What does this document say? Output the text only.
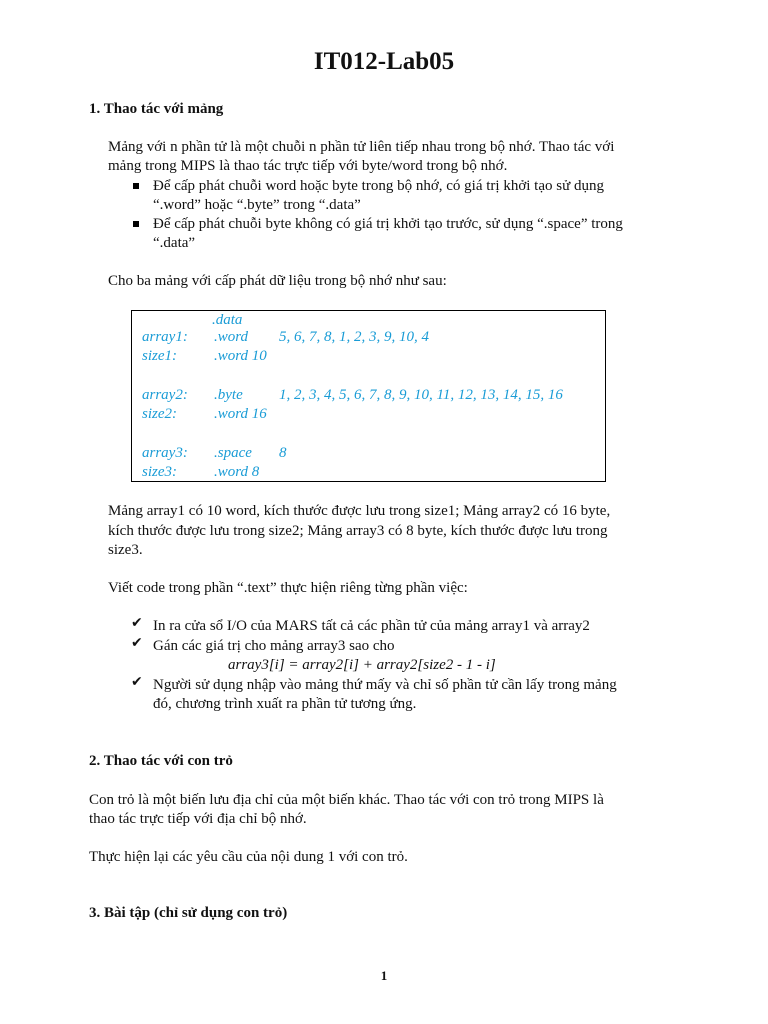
IT012-Lab05
1. Thao tác với mảng
Mảng với n phần tử là một chuỗi n phần tử liên tiếp nhau trong bộ nhớ. Thao tác với
mảng trong MIPS là thao tác trực tiếp với byte/word trong bộ nhớ.
Để cấp phát chuỗi word hoặc byte trong bộ nhớ, có giá trị khởi tạo sử dụng
“.word” hoặc “.byte” trong “.data”
Để cấp phát chuỗi byte không có giá trị khởi tạo trước, sử dụng “.space” trong
“.data”
Cho ba mảng với cấp phát dữ liệu trong bộ nhớ như sau:
.data
array1: .word 5, 6, 7, 8, 1, 2, 3, 9, 10, 4
size1: .word 10
array2: .byte 1, 2, 3, 4, 5, 6, 7, 8, 9, 10, 11, 12, 13, 14, 15, 16
size2: .word 16
array3: .space 8
size3: .word 8
Mảng array1 có 10 word, kích thước được lưu trong size1; Mảng array2 có 16 byte,
kích thước được lưu trong size2; Mảng array3 có 8 byte, kích thước được lưu trong
size3.
Viết code trong phần “.text” thực hiện riêng từng phần việc:
✔ In ra cửa sổ I/O của MARS tất cả các phần tử của mảng array1 và array2
✔ Gán các giá trị cho mảng array3 sao cho
array3[i] = array2[i] + array2[size2 - 1 - i]
✔ Người sử dụng nhập vào mảng thứ mấy và chỉ số phần tử cần lấy trong mảng
đó, chương trình xuất ra phần tử tương ứng.
2. Thao tác với con trỏ
Con trỏ là một biến lưu địa chỉ của một biến khác. Thao tác với con trỏ trong MIPS là
thao tác trực tiếp với địa chỉ bộ nhớ.
Thực hiện lại các yêu cầu của nội dung 1 với con trỏ.
3. Bài tập (chỉ sử dụng con trỏ)
1
